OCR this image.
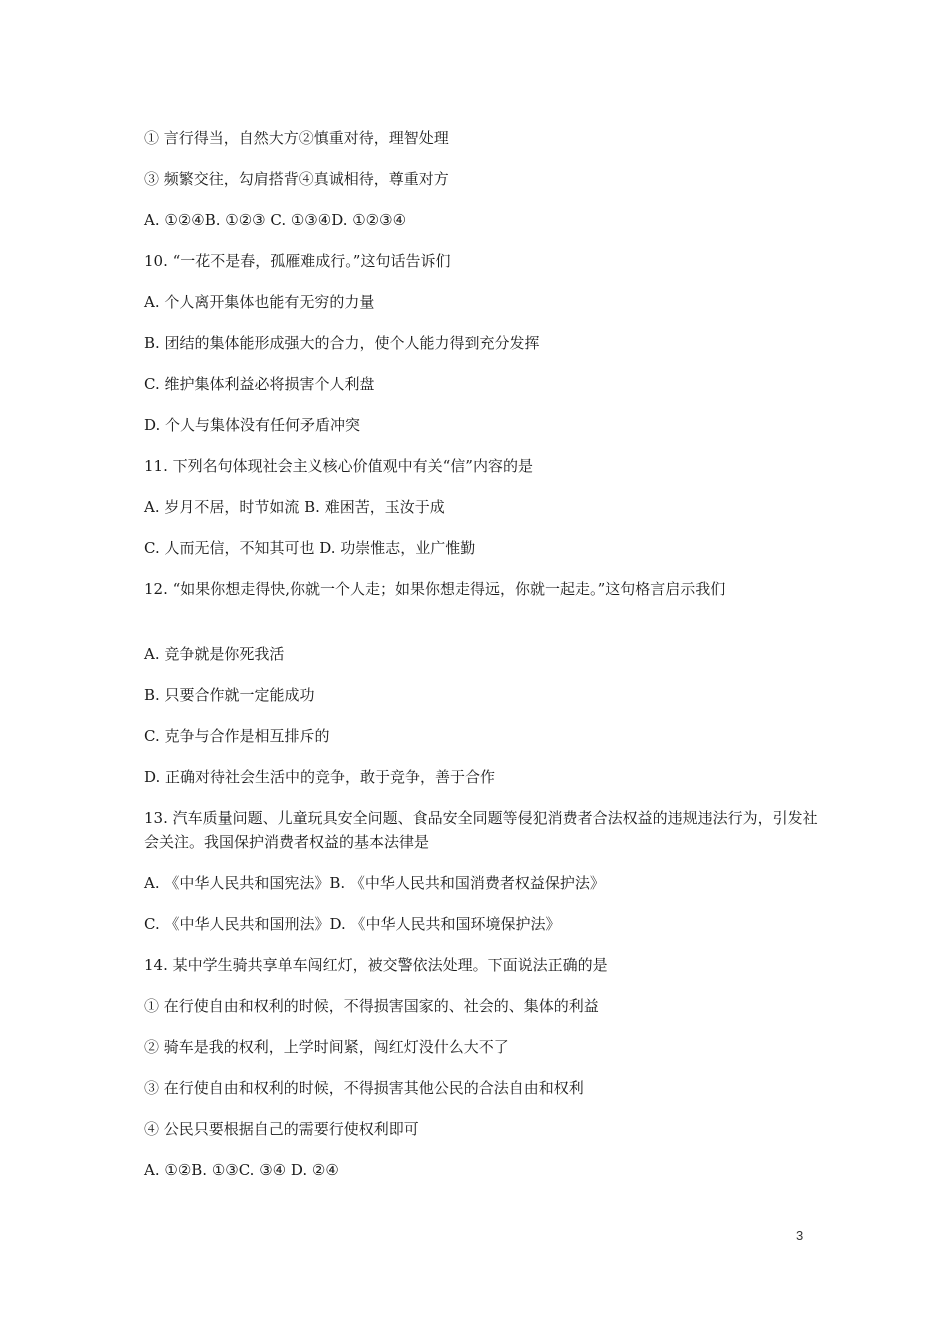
① 言行得当，自然大方②慎重对待，理智处理
③ 频繁交往，勾肩搭背④真诚相待，尊重对方
A. ①②④B. ①②③ C. ①③④D. ①②③④
10. “一花不是春，孤雁难成行。”这句话告诉们
A. 个人离开集体也能有无穷的力量
B. 团结的集体能形成强大的合力，使个人能力得到充分发挥
C. 维护集体利益必将损害个人利盘
D. 个人与集体没有任何矛盾冲突
11. 下列名句体现社会主义核心价值观中有关“信”内容的是
A. 岁月不居，时节如流 B. 难困苦，玉汝于成
C. 人而无信，不知其可也 D. 功崇惟志，业广惟勤
12. “如果你想走得快,你就一个人走；如果你想走得远，你就一起走。”这句格言启示我们
A. 竞争就是你死我活
B. 只要合作就一定能成功
C. 克争与合作是相互排斥的
D. 正确对待社会生活中的竞争，敢于竞争，善于合作
13. 汽车质量问题、儿童玩具安全问题、食品安全同题等侵犯消费者合法权益的违规违法行为，引发社会关注。我国保护消费者权益的基本法律是
A. 《中华人民共和国宪法》B. 《中华人民共和国消费者权益保护法》
C. 《中华人民共和国刑法》D. 《中华人民共和国环境保护法》
14. 某中学生骑共享单车闯红灯，被交警依法处理。下面说法正确的是
① 在行使自由和权利的时候，不得损害国家的、社会的、集体的利益
② 骑车是我的权利，上学时间紧，闯红灯没什么大不了
③ 在行使自由和权利的时候，不得损害其他公民的合法自由和权利
④ 公民只要根据自己的需要行使权利即可
A. ①②B. ①③C. ③④ D. ②④
3
